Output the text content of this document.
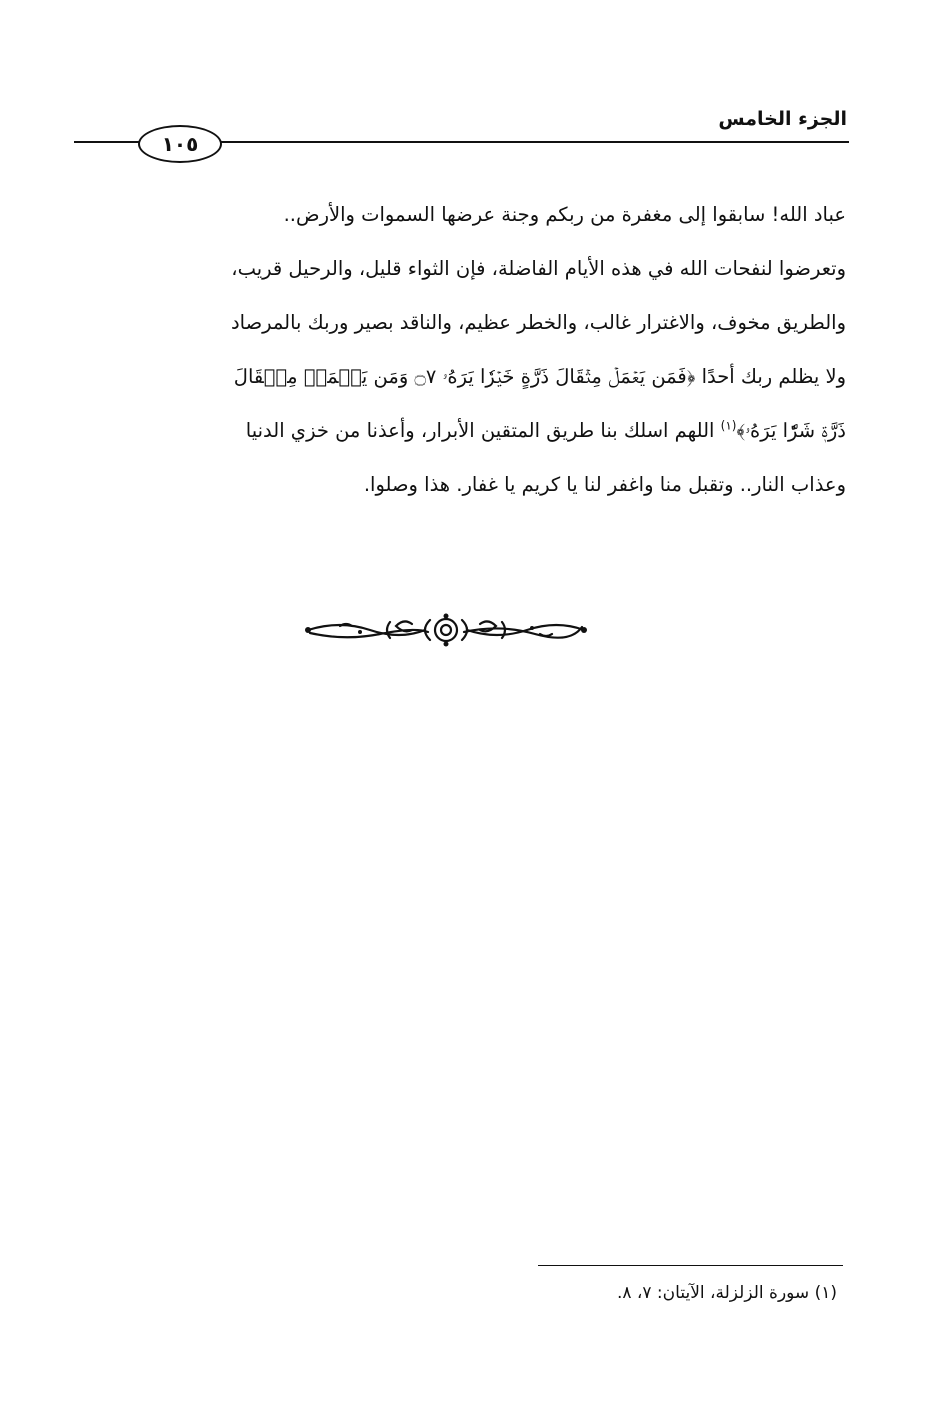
الجزء الخامس
١٠٥

عباد الله! سابقوا إلى مغفرة من ربكم وجنة عرضها السموات والأرض..

وتعرضوا لنفحات الله في هذه الأيام الفاضلة، فإن الثواء قليل، والرحيل قريب،

والطريق مخوف، والاغترار غالب، والخطر عظيم، والناقد بصير وربك بالمرصاد

ولا يظلم ربك أحدًا ﴿فَمَن يَعۡمَلۡ مِثۡقَالَ ذَرَّةٍ خَيۡرٗا يَرَهُۥ ۝٧ وَمَن يَعۡمَلۡ مِثۡقَالَ

ذَرَّةٖ شَرّٗا يَرَهُۥ﴾$^{(١)}$ اللهم اسلك بنا طريق المتقين الأبرار، وأعذنا من خزي الدنيا

وعذاب النار.. وتقبل منا واغفر لنا يا كريم يا غفار. هذا وصلوا.

(١) سورة الزلزلة، الآيتان: ٧، ٨.
